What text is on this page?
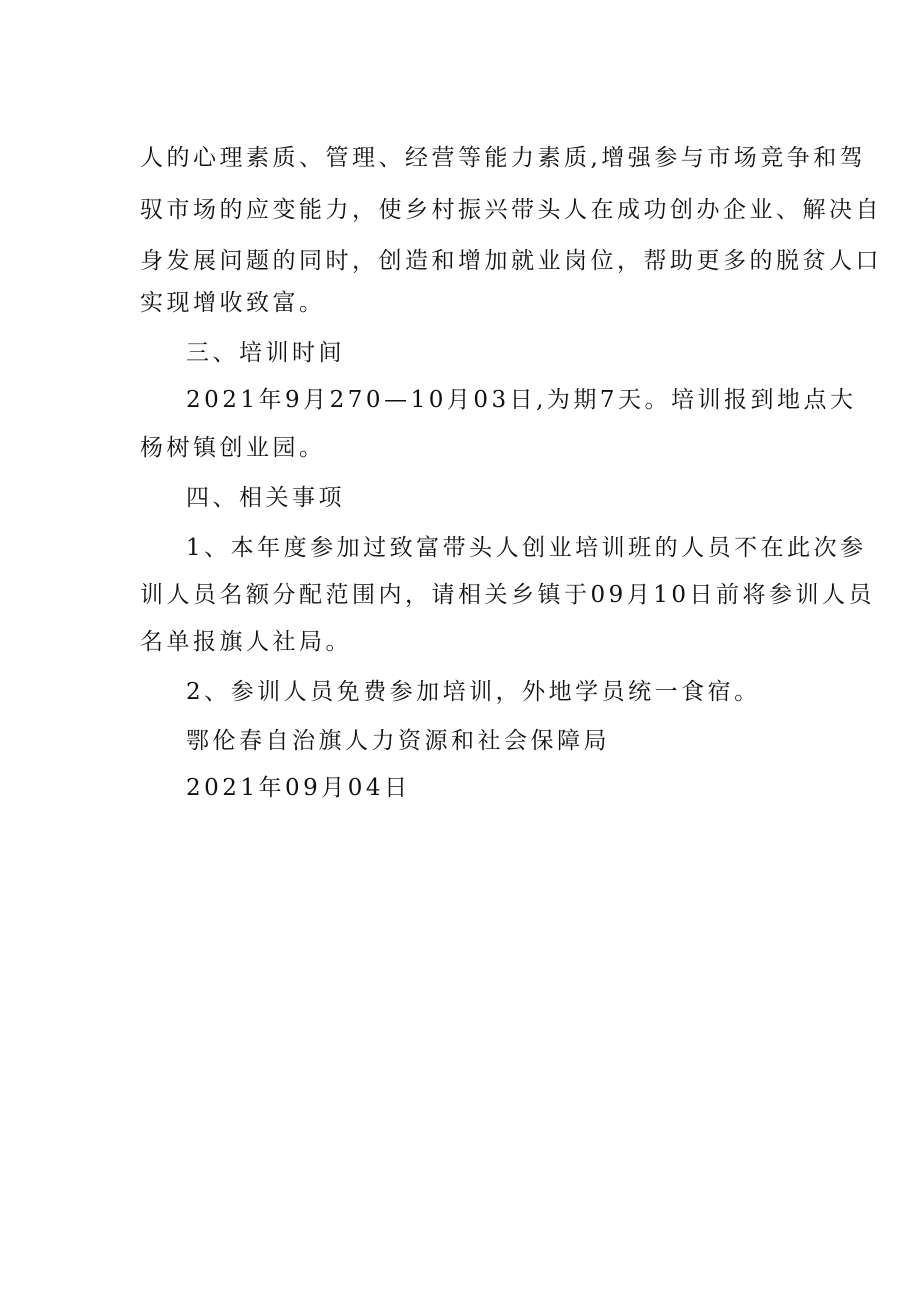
人的心理素质、管理、经营等能力素质,增强参与市场竞争和驾
驭市场的应变能力，使乡村振兴带头人在成功创办企业、解决自
身发展问题的同时，创造和增加就业岗位，帮助更多的脱贫人口
实现增收致富。
三、培训时间
2021年9月270—10月03日,为期7天。培训报到地点大
杨树镇创业园。
四、相关事项
1、本年度参加过致富带头人创业培训班的人员不在此次参
训人员名额分配范围内，请相关乡镇于09月10日前将参训人员
名单报旗人社局。
2、参训人员免费参加培训，外地学员统一食宿。
鄂伦春自治旗人力资源和社会保障局
2021年09月04日
